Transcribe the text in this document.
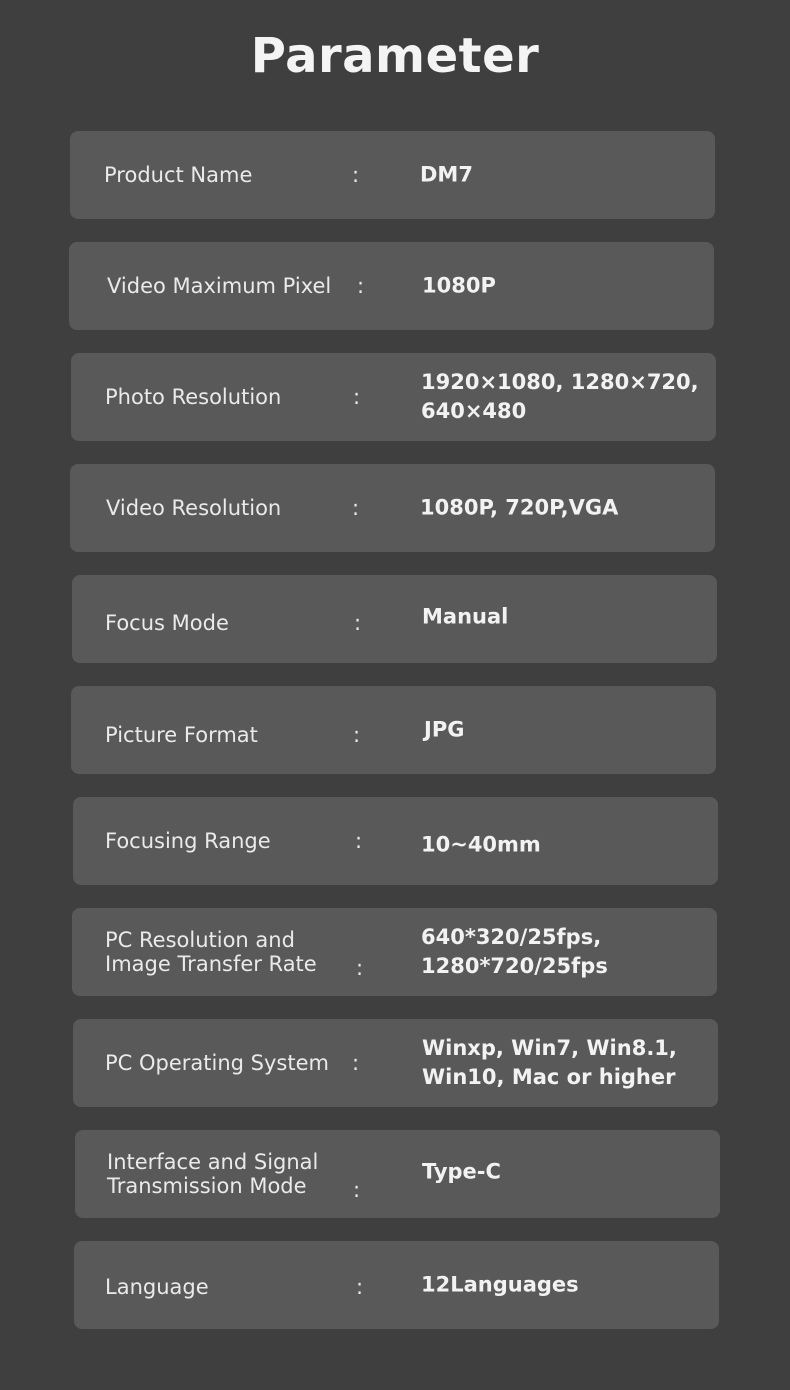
Parameter
Product Name	:	DM7
Video Maximum Pixel	:	1080P
Photo Resolution	:
1920×1080, 1280×720, 640×480
Video Resolution	:	1080P, 720P,VGA
Focus Mode	:	Manual
Picture Format	:	JPG
Focusing Range	:	10~40mm
PC Resolution and Image Transfer Rate	:
640*320/25fps, 1280*720/25fps
PC Operating System	:
Winxp, Win7, Win8.1, Win10, Mac or higher
Interface and Signal Transmission Mode	:
Type-C
Language	:	12Languages
